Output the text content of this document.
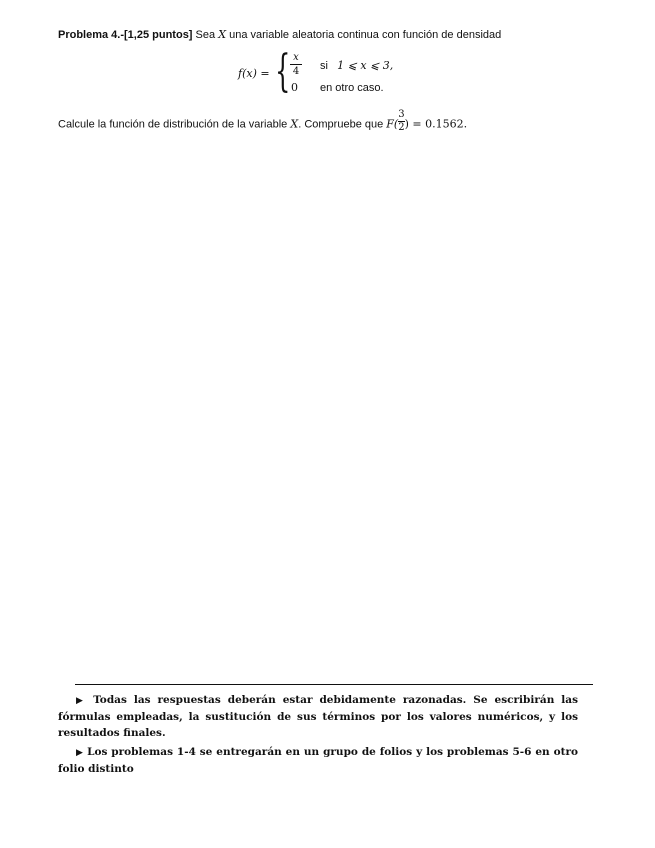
Problema 4.-[1,25 puntos] Sea X una variable aleatoria continua con función de densidad
f(x) = { x
4 si 1 ⩽ x ⩽ 3,
0 en otro caso.
Calcule la función de distribución de la variable X. Compruebe que $F( \frac{3}{2}$ ) = 0.1562.

▶ Todas las respuestas deberán estar debidamente razonadas. Se escribirán las fórmulas empleadas, la sustitución de sus términos por los valores numéricos, y los resultados finales.

▶ Los problemas 1-4 se entregarán en un grupo de folios y los problemas 5-6 en otro folio distinto
